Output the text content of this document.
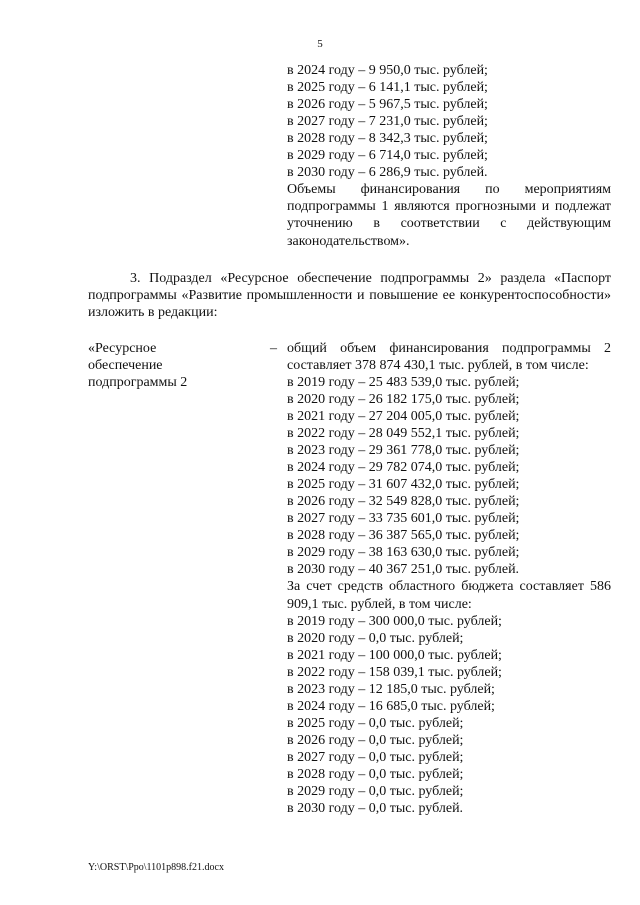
5
в 2024 году – 9 950,0 тыс. рублей;
в 2025 году – 6 141,1 тыс. рублей;
в 2026 году – 5 967,5 тыс. рублей;
в 2027 году – 7 231,0 тыс. рублей;
в 2028 году – 8 342,3 тыс. рублей;
в 2029 году – 6 714,0 тыс. рублей;
в 2030 году – 6 286,9 тыс. рублей.
Объемы финансирования по мероприятиям подпрограммы 1 являются прогнозными и подлежат уточнению в соответствии с действующим законодательством».
3. Подраздел «Ресурсное обеспечение подпрограммы 2» раздела «Паспорт подпрограммы «Развитие промышленности и повышение ее конкурентоспособности» изложить в редакции:
«Ресурсное
обеспечение
подпрограммы 2
– общий объем финансирования подпрограммы 2 составляет 378 874 430,1 тыс. рублей, в том числе:
в 2019 году – 25 483 539,0 тыс. рублей;
в 2020 году – 26 182 175,0 тыс. рублей;
в 2021 году – 27 204 005,0 тыс. рублей;
в 2022 году – 28 049 552,1 тыс. рублей;
в 2023 году – 29 361 778,0 тыс. рублей;
в 2024 году – 29 782 074,0 тыс. рублей;
в 2025 году – 31 607 432,0 тыс. рублей;
в 2026 году – 32 549 828,0 тыс. рублей;
в 2027 году – 33 735 601,0 тыс. рублей;
в 2028 году – 36 387 565,0 тыс. рублей;
в 2029 году – 38 163 630,0 тыс. рублей;
в 2030 году – 40 367 251,0 тыс. рублей.
За счет средств областного бюджета составляет 586 909,1 тыс. рублей, в том числе:
в 2019 году – 300 000,0 тыс. рублей;
в 2020 году – 0,0 тыс. рублей;
в 2021 году – 100 000,0 тыс. рублей;
в 2022 году – 158 039,1 тыс. рублей;
в 2023 году – 12 185,0 тыс. рублей;
в 2024 году – 16 685,0 тыс. рублей;
в 2025 году – 0,0 тыс. рублей;
в 2026 году – 0,0 тыс. рублей;
в 2027 году – 0,0 тыс. рублей;
в 2028 году – 0,0 тыс. рублей;
в 2029 году – 0,0 тыс. рублей;
в 2030 году – 0,0 тыс. рублей.
Y:\ORST\Ppo\1101p898.f21.docx
